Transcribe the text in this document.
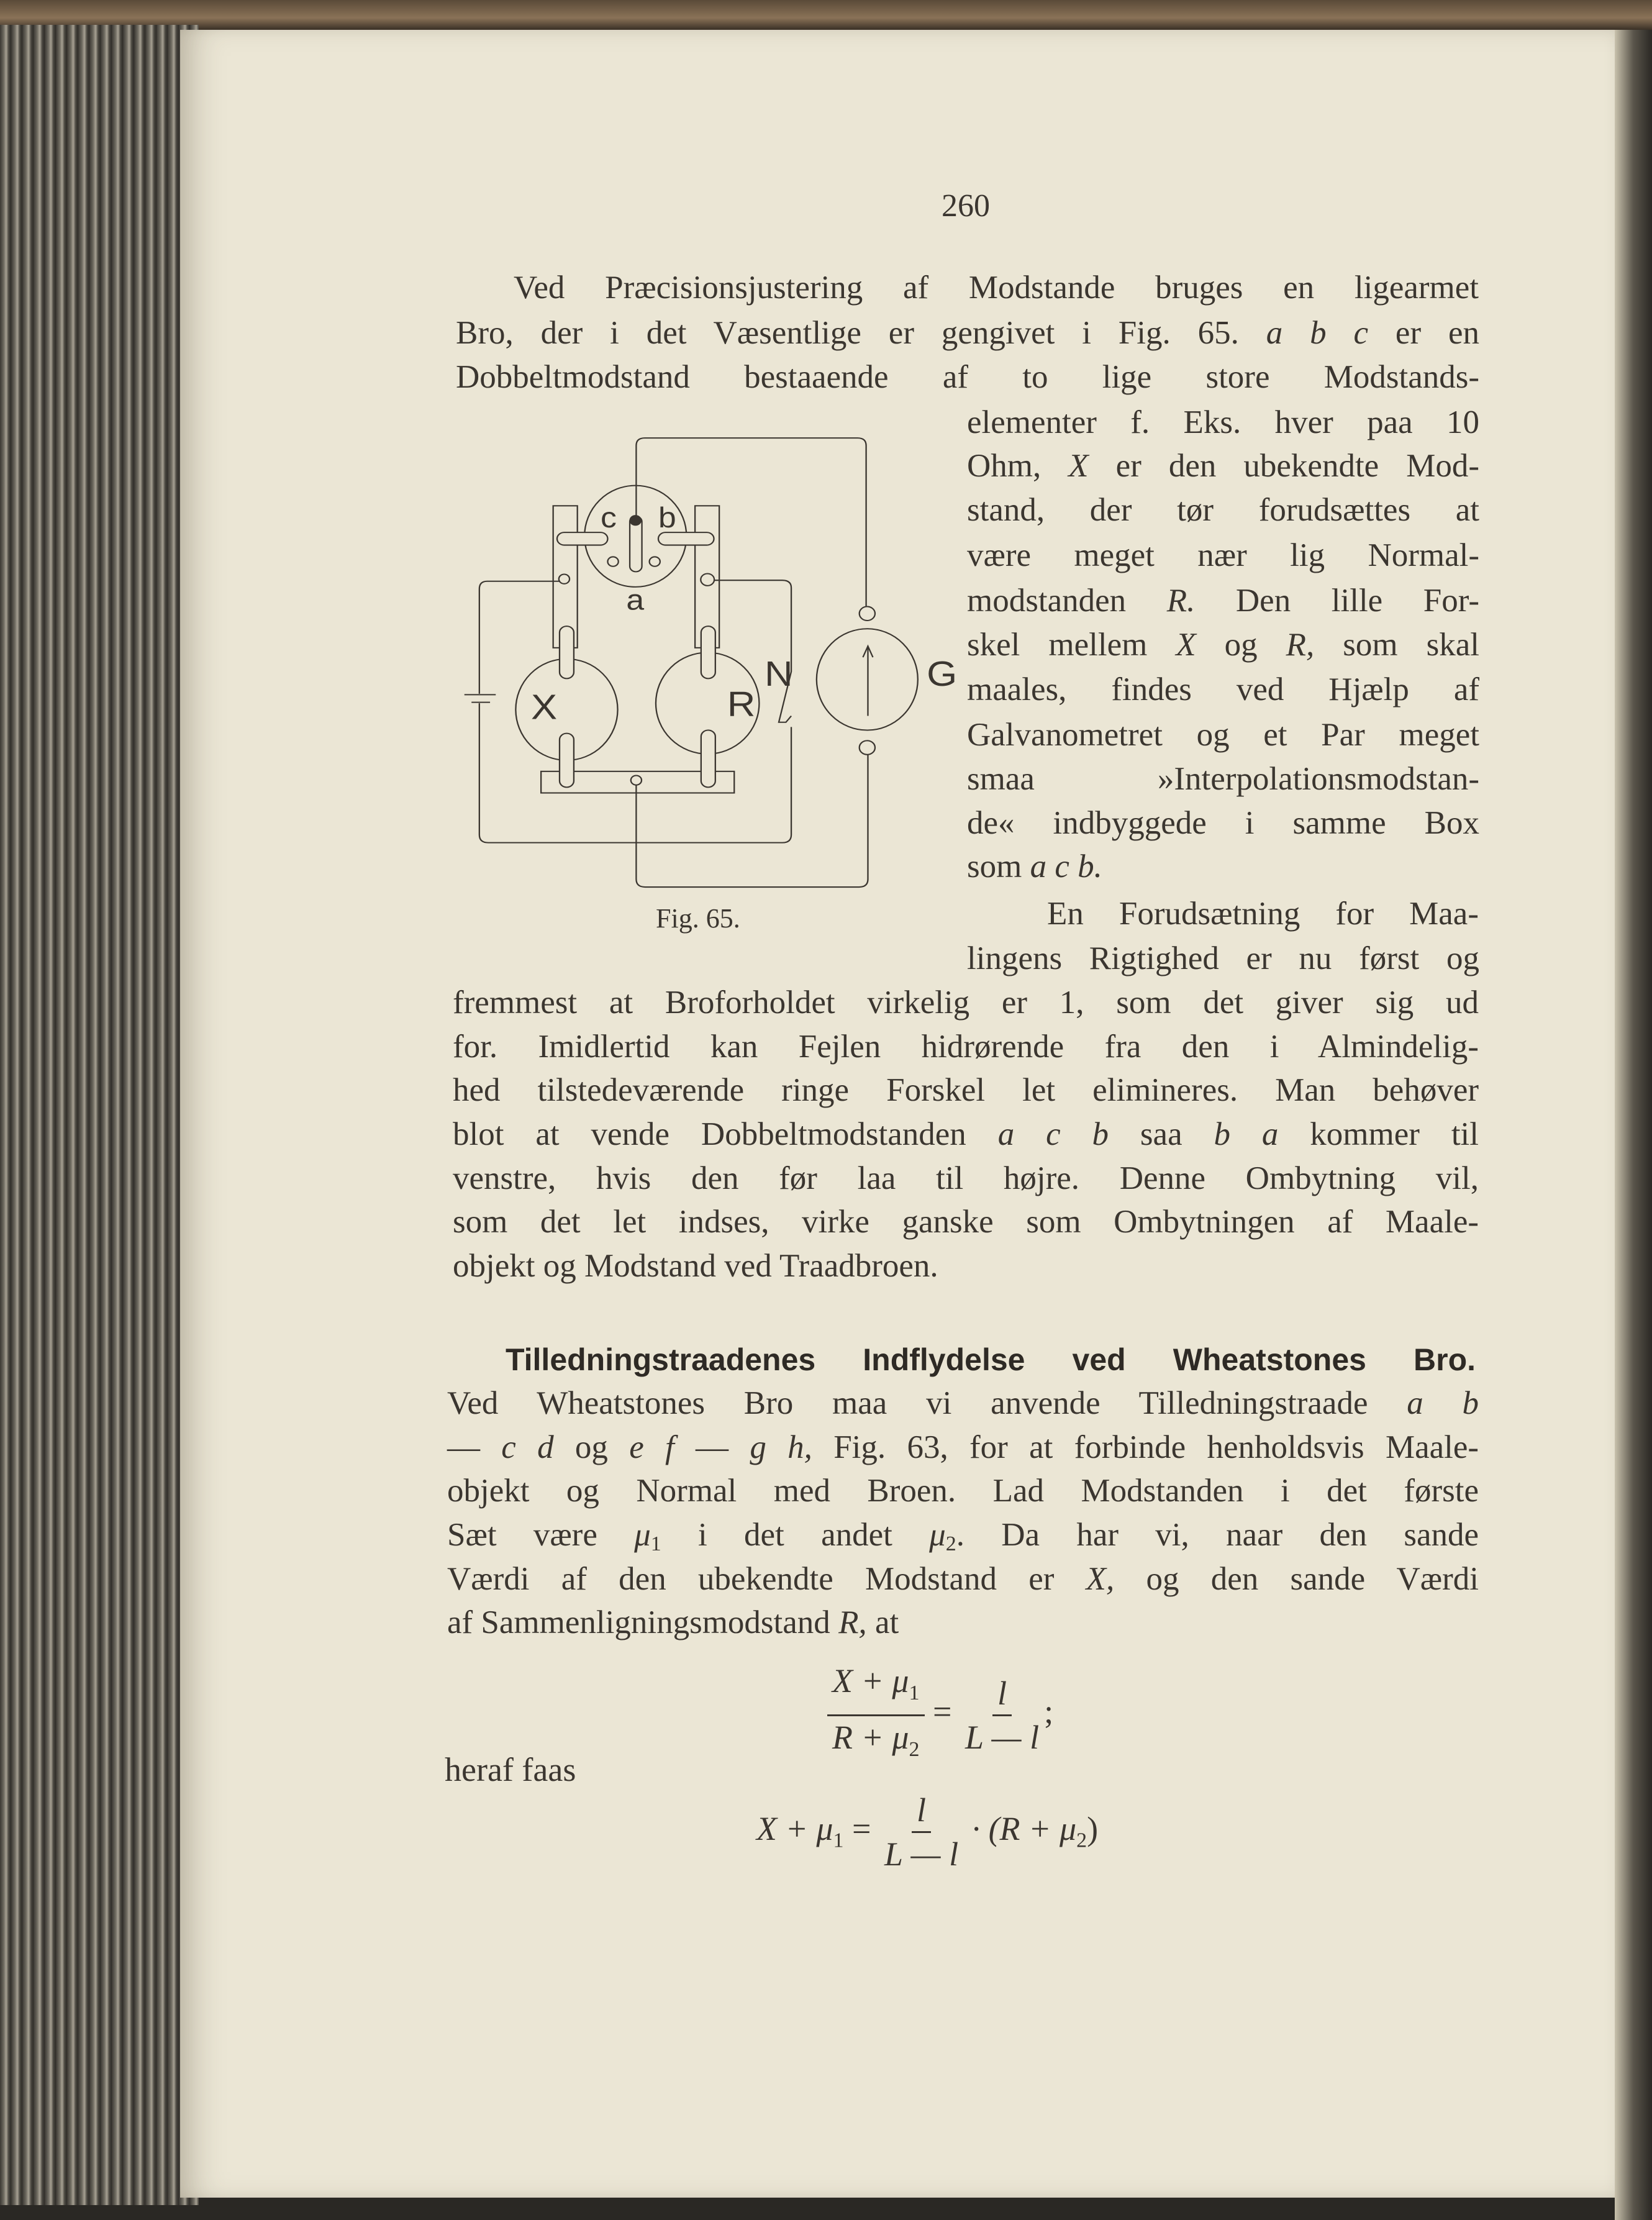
260
Ved Præcisionsjustering af Modstande bruges en ligearmet
Bro, der i det Væsentlige er gengivet i Fig. 65. a b c er en
Dobbeltmodstand bestaaende af to lige store Modstands-
elementer f. Eks. hver paa 10
Ohm, X er den ubekendte Mod-
stand, der tør forudsættes at
være meget nær lig Normal-
modstanden R. Den lille For-
skel mellem X og R, som skal
maales, findes ved Hjælp af
Galvanometret og et Par meget
smaa »Interpolationsmodstan-
de« indbyggede i samme Box
som a c b.
En Forudsætning for Maa-
lingens Rigtighed er nu først og
fremmest at Broforholdet virkelig er 1, som det giver sig ud
for. Imidlertid kan Fejlen hidrørende fra den i Almindelig-
hed tilstedeværende ringe Forskel let elimineres. Man behøver
blot at vende Dobbeltmodstanden a c b saa b a kommer til
venstre, hvis den før laa til højre. Denne Ombytning vil,
som det let indses, virke ganske som Ombytningen af Maale-
objekt og Modstand ved Traadbroen.
Ved Wheatstones Bro maa vi anvende Tilledningstraade a b
— c d og e f — g h, Fig. 63, for at forbinde henholdsvis Maale-
objekt og Normal med Broen. Lad Modstanden i det første
Sæt være $\mu_1$ i det andet $\mu_2$. Da har vi, naar den sande
Værdi af den ubekendte Modstand er X, og den sande Værdi
af Sammenligningsmodstand R, at
c b
a
X R
N G
Fig. 65.
Tilledningstraadenes Indflydelse ved Wheatstones Bro.
$\frac{X + \mu_1}{R + \mu_2} = \frac{l}{L — l}$ ;
heraf faas
$X + \mu_1 = \frac{l}{L — l} \cdot (R + \mu_2)$
